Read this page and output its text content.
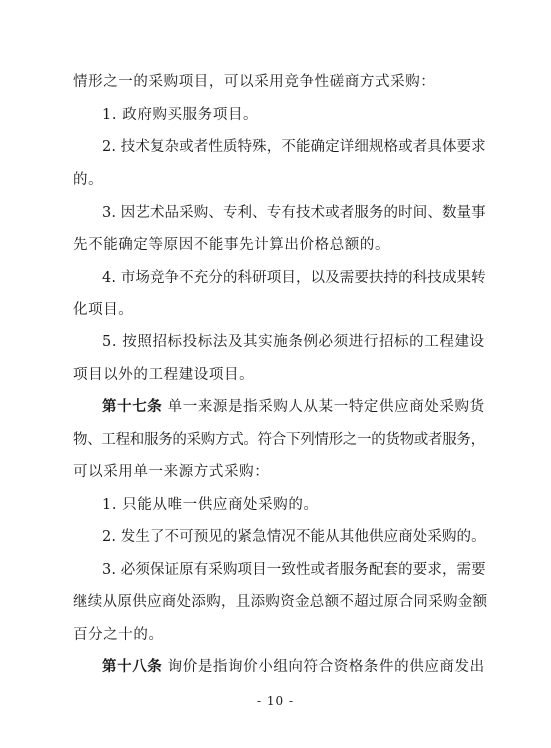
情形之一的采购项目，可以采用竞争性磋商方式采购：
1. 政府购买服务项目。
2. 技术复杂或者性质特殊，不能确定详细规格或者具体要求
的。
3. 因艺术品采购、专利、专有技术或者服务的时间、数量事
先不能确定等原因不能事先计算出价格总额的。
4. 市场竞争不充分的科研项目，以及需要扶持的科技成果转
化项目。
5. 按照招标投标法及其实施条例必须进行招标的工程建设
项目以外的工程建设项目。
第十七条 单一来源是指采购人从某一特定供应商处采购货
物、工程和服务的采购方式。符合下列情形之一的货物或者服务，
可以采用单一来源方式采购：
1. 只能从唯一供应商处采购的。
2. 发生了不可预见的紧急情况不能从其他供应商处采购的。
3. 必须保证原有采购项目一致性或者服务配套的要求，需要
继续从原供应商处添购，且添购资金总额不超过原合同采购金额
百分之十的。
第十八条 询价是指询价小组向符合资格条件的供应商发出
- 10 -
